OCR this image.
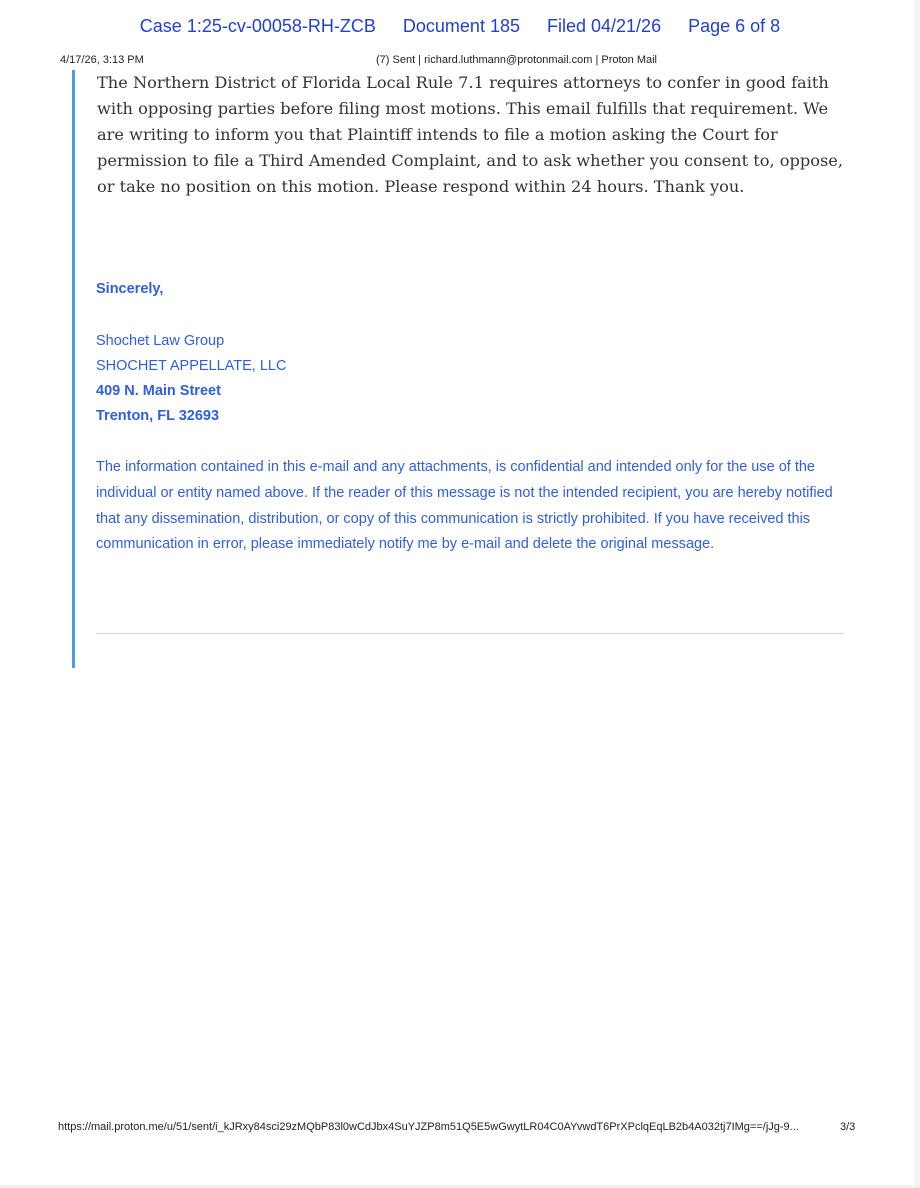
Case 1:25-cv-00058-RH-ZCB Document 185 Filed 04/21/26 Page 6 of 8
4/17/26, 3:13 PM	(7) Sent | richard.luthmann@protonmail.com | Proton Mail
The Northern District of Florida Local Rule 7.1 requires attorneys to confer in good faith with opposing parties before filing most motions. This email fulfills that requirement. We are writing to inform you that Plaintiff intends to file a motion asking the Court for permission to file a Third Amended Complaint, and to ask whether you consent to, oppose, or take no position on this motion. Please respond within 24 hours. Thank you.
Sincerely,
Shochet Law Group
SHOCHET APPELLATE, LLC
409 N. Main Street
Trenton, FL 32693
The information contained in this e-mail and any attachments, is confidential and intended only for the use of the individual or entity named above. If the reader of this message is not the intended recipient, you are hereby notified that any dissemination, distribution, or copy of this communication is strictly prohibited. If you have received this communication in error, please immediately notify me by e-mail and delete the original message.
https://mail.proton.me/u/51/sent/i_kJRxy84sci29zMQbP83l0wCdJbx4SuYJZP8m51Q5E5wGwytLR04C0AYvwdT6PrXPclqEqLB2b4A032tj7IMg==/jJg-9...	3/3
